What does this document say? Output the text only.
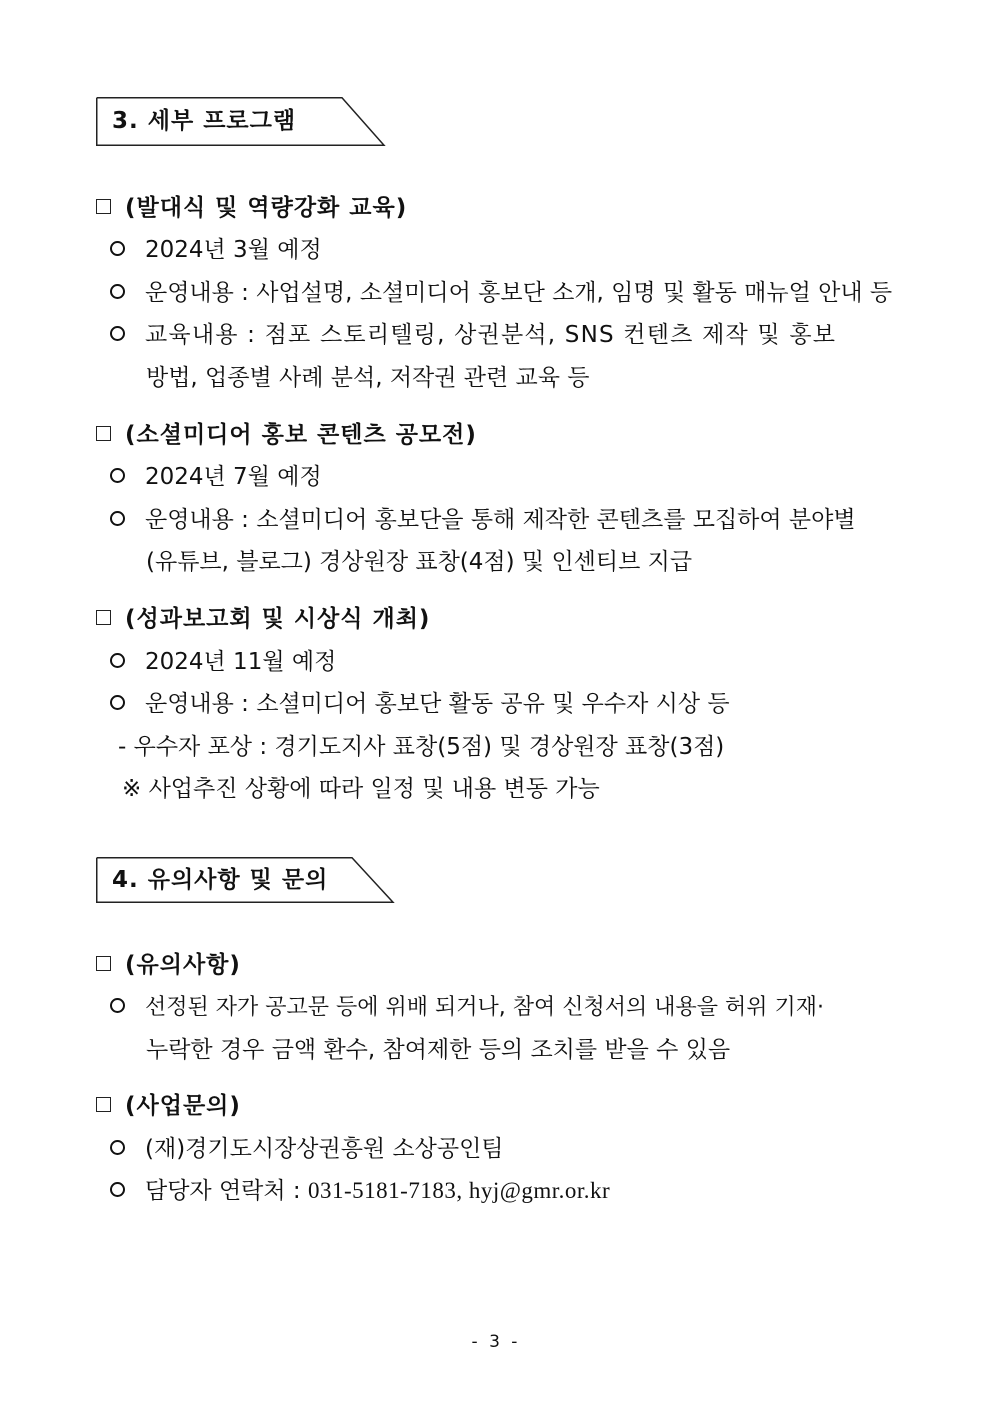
3. 세부 프로그램
(발대식 및 역량강화 교육)
2024년 3월 예정
운영내용 : 사업설명, 소셜미디어 홍보단 소개, 임명 및 활동 매뉴얼 안내 등
교육내용 : 점포 스토리텔링, 상권분석, SNS 컨텐츠 제작 및 홍보
방법, 업종별 사례 분석, 저작권 관련 교육 등
(소셜미디어 홍보 콘텐츠 공모전)
2024년 7월 예정
운영내용 : 소셜미디어 홍보단을 통해 제작한 콘텐츠를 모집하여 분야별
(유튜브, 블로그) 경상원장 표창(4점) 및 인센티브 지급
(성과보고회 및 시상식 개최)
2024년 11월 예정
운영내용 : 소셜미디어 홍보단 활동 공유 및 우수자 시상 등
- 우수자 포상 : 경기도지사 표창(5점) 및 경상원장 표창(3점)
※ 사업추진 상황에 따라 일정 및 내용 변동 가능
4. 유의사항 및 문의
(유의사항)
선정된 자가 공고문 등에 위배 되거나, 참여 신청서의 내용을 허위 기재·
누락한 경우 금액 환수, 참여제한 등의 조치를 받을 수 있음
(사업문의)
(재)경기도시장상권흥원 소상공인팀
담당자 연락처 : 031-5181-7183, hyj@gmr.or.kr
- 3 -
